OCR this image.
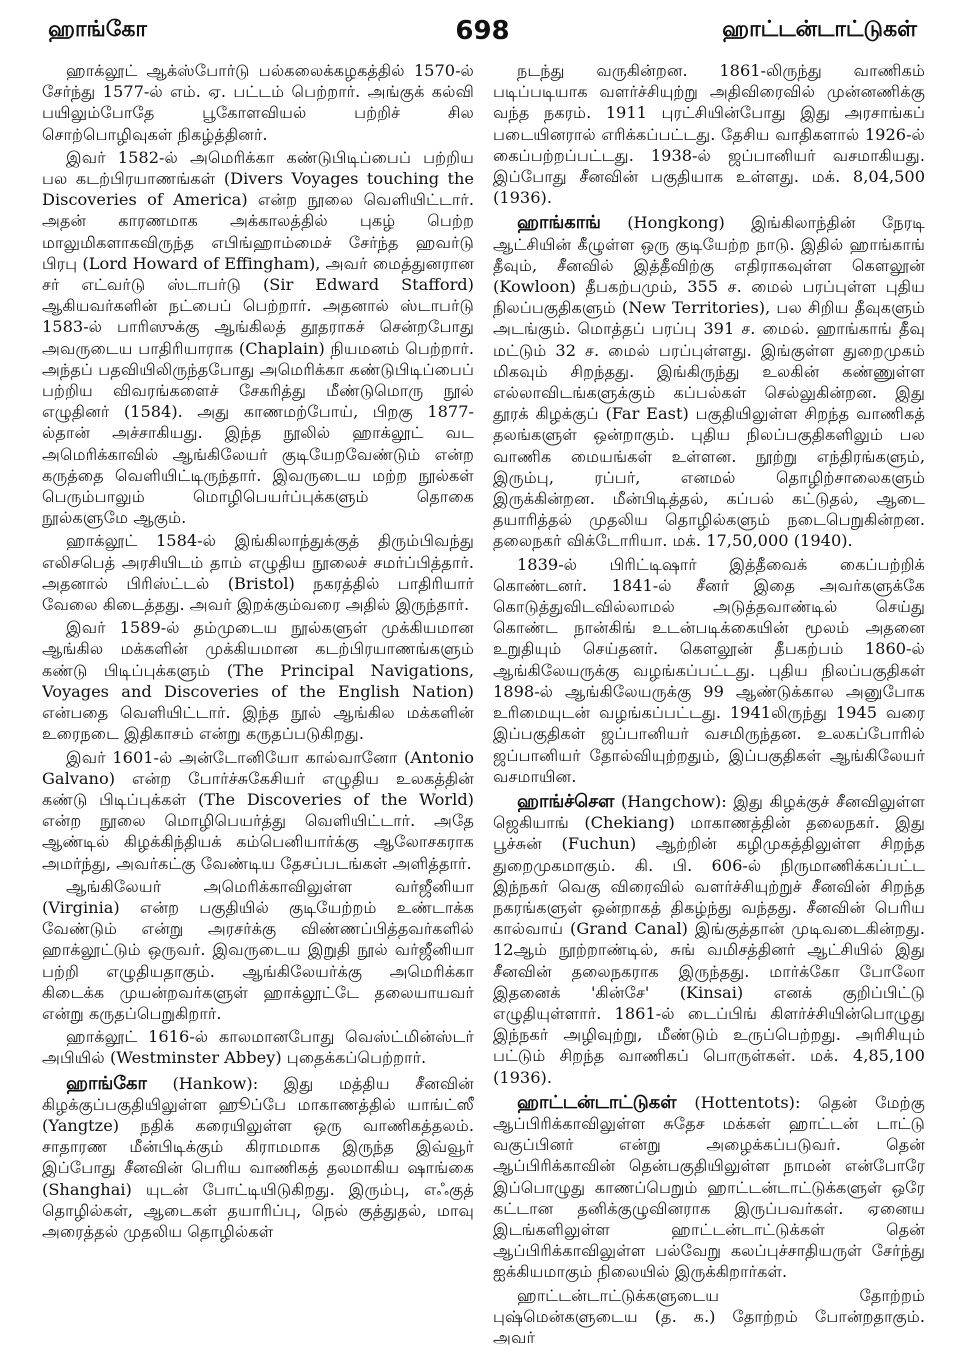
ஹாங்கோ	698	ஹாட்டன்டாட்டுகள்

ஹாக்லூட் ஆக்ஸ்போர்டு பல்கலைக்கழகத்தில் 1570-ல் சேர்ந்து 1577-ல் எம். ஏ. பட்டம் பெற்றார். அங்குக் கல்வி பயிலும்போதே பூகோளவியல் பற்றிச் சில சொற்பொழிவுகள் நிகழ்த்தினர்.

இவர் 1582-ல் அமெரிக்கா கண்டுபிடிப்பைப் பற்றிய பல கடற்பிரயாணங்கள் (Divers Voyages touching the Discoveries of America) என்ற நூலை வெளியிட்டார். அதன் காரணமாக அக்காலத்தில் புகழ் பெற்ற மாலுமிகளாகவிருந்த எபிங்ஹாம்மைச் சேர்ந்த ஹவர்டு பிரபு (Lord Howard of Effingham), அவர் மைத்துனரான சர் எட்வர்டு ஸ்டாபர்டு (Sir Edward Stafford) ஆகியவர்களின் நட்பைப் பெற்றார். அதனால் ஸ்டாபர்டு 1583-ல் பாரிஸுக்கு ஆங்கிலத் தூதராகச் சென்றபோது அவருடைய பாதிரியாராக (Chaplain) நியமனம் பெற்றார். அந்தப் பதவியிலிருந்தபோது அமெரிக்கா கண்டுபிடிப்பைப் பற்றிய விவரங்களைச் சேகரித்து மீண்டுமொரு நூல் எழுதினர் (1584). அது காணமற்போய், பிறகு 1877-ல்தான் அச்சாகியது. இந்த நூலில் ஹாக்லூட் வட அமெரிக்காவில் ஆங்கிலேயர் குடியேறவேண்டும் என்ற கருத்தை வெளியிட்டிருந்தார். இவருடைய மற்ற நூல்கள் பெரும்பாலும் மொழிபெயர்ப்புக்களும் தொகை நூல்களுமே ஆகும்.

ஹாக்லூட் 1584-ல் இங்கிலாந்துக்குத் திரும்பிவந்து எலிசபெத் அரசியிடம் தாம் எழுதிய நூலைச் சமர்ப்பித்தார். அதனால் பிரிஸ்ட்டல் (Bristol) நகரத்தில் பாதிரியார் வேலை கிடைத்தது. அவர் இறக்கும்வரை அதில் இருந்தார்.

இவர் 1589-ல் தம்முடைய நூல்களுள் முக்கியமான ஆங்கில மக்களின் முக்கியமான கடற்பிரயாணங்களும் கண்டு பிடிப்புக்களும் (The Principal Navigations, Voyages and Discoveries of the English Nation) என்பதை வெளியிட்டார். இந்த நூல் ஆங்கில மக்களின் உரைநடை இதிகாசம் என்று கருதப்படுகிறது.

இவர் 1601-ல் அன்டோனியோ கால்வானோ (Antonio Galvano) என்ற போர்ச்சுகேசியர் எழுதிய உலகத்தின் கண்டு பிடிப்புக்கள் (The Discoveries of the World) என்ற நூலை மொழிபெயர்த்து வெளியிட்டார். அதே ஆண்டில் கிழக்கிந்தியக் கம்பெனியார்க்கு ஆலோசகராக அமர்ந்து, அவர்கட்கு வேண்டிய தேசப்படங்கள் அளித்தார்.

ஆங்கிலேயர் அமெரிக்காவிலுள்ள வர்ஜீனியா (Virginia) என்ற பகுதியில் குடியேற்றம் உண்டாக்க வேண்டும் என்று அரசர்க்கு விண்ணப்பித்தவர்களில் ஹாக்லூட்டும் ஒருவர். இவருடைய இறுதி நூல் வர்ஜீனியா பற்றி எழுதியதாகும். ஆங்கிலேயர்க்கு அமெரிக்கா கிடைக்க முயன்றவர்களுள் ஹாக்லூட்டே தலையாயவர் என்று கருதப்பெறுகிறார்.

ஹாக்லூட் 1616-ல் காலமானபோது வெஸ்ட்மின்ஸ்டர் அபியில் (Westminster Abbey) புதைக்கப்பெற்றார்.

ஹாங்கோ (Hankow): இது மத்திய சீனவின் கிழக்குப்பகுதியிலுள்ள ஹூப்பே மாகாணத்தில் யாங்ட்ஸீ (Yangtze) நதிக் கரையிலுள்ள ஒரு வாணிகத்தலம். சாதாரண மீன்பிடிக்கும் கிராமமாக இருந்த இவ்வூர் இப்போது சீனவின் பெரிய வாணிகத் தலமாகிய ஷாங்கை (Shanghai) யுடன் போட்டியிடுகிறது. இரும்பு, எஃகுத் தொழில்கள், ஆடைகள் தயாரிப்பு, நெல் குத்துதல், மாவு அரைத்தல் முதலிய தொழில்கள்

நடந்து வருகின்றன. 1861-லிருந்து வாணிகம் படிப்படியாக வளர்ச்சியுற்று அதிவிரைவில் முன்னணிக்கு வந்த நகரம். 1911 புரட்சியின்போது இது அரசாங்கப் படையினரால் எரிக்கப்பட்டது. தேசிய வாதிகளால் 1926-ல் கைப்பற்றப்பட்டது. 1938-ல் ஜப்பானியர் வசமாகியது. இப்போது சீனவின் பகுதியாக உள்ளது. மக். 8,04,500 (1936).

ஹாங்காங் (Hongkong) இங்கிலாந்தின் நேரடி ஆட்சியின் கீழுள்ள ஒரு குடியேற்ற நாடு. இதில் ஹாங்காங் தீவும், சீனவில் இத்தீவிற்கு எதிராகவுள்ள கௌலூன் (Kowloon) தீபகற்பமும், 355 ச. மைல் பரப்புள்ள புதிய நிலப்பகுதிகளும் (New Territories), பல சிறிய தீவுகளும் அடங்கும். மொத்தப் பரப்பு 391 ச. மைல். ஹாங்காங் தீவு மட்டும் 32 ச. மைல் பரப்புள்ளது. இங்குள்ள துறைமுகம் மிகவும் சிறந்தது. இங்கிருந்து உலகின் கண்ணுள்ள எல்லாவிடங்களுக்கும் கப்பல்கள் செல்லுகின்றன. இது தூரக் கிழக்குப் (Far East) பகுதியிலுள்ள சிறந்த வாணிகத் தலங்களுள் ஒன்றாகும். புதிய நிலப்பகுதிகளிலும் பல வாணிக மையங்கள் உள்ளன. நூற்று எந்திரங்களும், இரும்பு, ரப்பர், எனமல் தொழிற்சாலைகளும் இருக்கின்றன. மீன்பிடித்தல், கப்பல் கட்டுதல், ஆடை தயாரித்தல் முதலிய தொழில்களும் நடைபெறுகின்றன. தலைநகர் விக்டோரியா. மக். 17,50,000 (1940).

1839-ல் பிரிட்டிஷார் இத்தீவைக் கைப்பற்றிக் கொண்டனர். 1841-ல் சீனர் இதை அவர்களுக்கே கொடுத்துவிடவில்லாமல் அடுத்தவாண்டில் செய்து கொண்ட நான்கிங் உடன்படிக்கையின் மூலம் அதனை உறுதியும் செய்தனர். கௌலூன் தீபகற்பம் 1860-ல் ஆங்கிலேயருக்கு வழங்கப்பட்டது. புதிய நிலப்பகுதிகள் 1898-ல் ஆங்கிலேயருக்கு 99 ஆண்டுக்கால அனுபோக உரிமையுடன் வழங்கப்பட்டது. 1941லிருந்து 1945 வரை இப்பகுதிகள் ஜப்பானியர் வசமிருந்தன. உலகப்போரில் ஜப்பானியர் தோல்வியுற்றதும், இப்பகுதிகள் ஆங்கிலேயர் வசமாயின.

ஹாங்ச்சௌ (Hangchow): இது கிழக்குச் சீனவிலுள்ள ஜெகியாங் (Chekiang) மாகாணத்தின் தலைநகர். இது பூச்சுன் (Fuchun) ஆற்றின் கழிமுகத்திலுள்ள சிறந்த துறைமுகமாகும். கி. பி. 606-ல் நிருமாணிக்கப்பட்ட இந்நகர் வெகு விரைவில் வளர்ச்சியுற்றுச் சீனவின் சிறந்த நகரங்களுள் ஒன்றாகத் திகழ்ந்து வந்தது. சீனவின் பெரிய கால்வாய் (Grand Canal) இங்குத்தான் முடிவடைகின்றது. 12ஆம் நூற்றாண்டில், சுங் வமிசத்தினர் ஆட்சியில் இது சீனவின் தலைநகராக இருந்தது. மார்க்கோ போலோ இதனைக் 'கின்சே' (Kinsai) எனக் குறிப்பிட்டு எழுதியுள்ளார். 1861-ல் டைப்பிங் கிளர்ச்சியின்பொழுது இந்நகர் அழிவுற்று, மீண்டும் உருப்பெற்றது. அரிசியும் பட்டும் சிறந்த வாணிகப் பொருள்கள். மக். 4,85,100 (1936).

ஹாட்டன்டாட்டுகள் (Hottentots): தென் மேற்கு ஆப்பிரிக்காவிலுள்ள சுதேச மக்கள் ஹாட்டன் டாட்டு வகுப்பினர் என்று அழைக்கப்படுவர். தென் ஆப்பிரிக்காவின் தென்பகுதியிலுள்ள நாமன் என்போரே இப்பொழுது காணப்பெறும் ஹாட்டன்டாட்டுக்களுள் ஒரே கட்டான தனிக்குழுவினராக இருப்பவர்கள். ஏனைய இடங்களிலுள்ள ஹாட்டன்டாட்டுக்கள் தென் ஆப்பிரிக்காவிலுள்ள பல்வேறு கலப்புச்சாதியருள் சேர்ந்து ஐக்கியமாகும் நிலையில் இருக்கிறார்கள்.

ஹாட்டன்டாட்டுக்களுடைய தோற்றம் புஷ்மென்களுடைய (த. க.) தோற்றம் போன்றதாகும். அவர்
